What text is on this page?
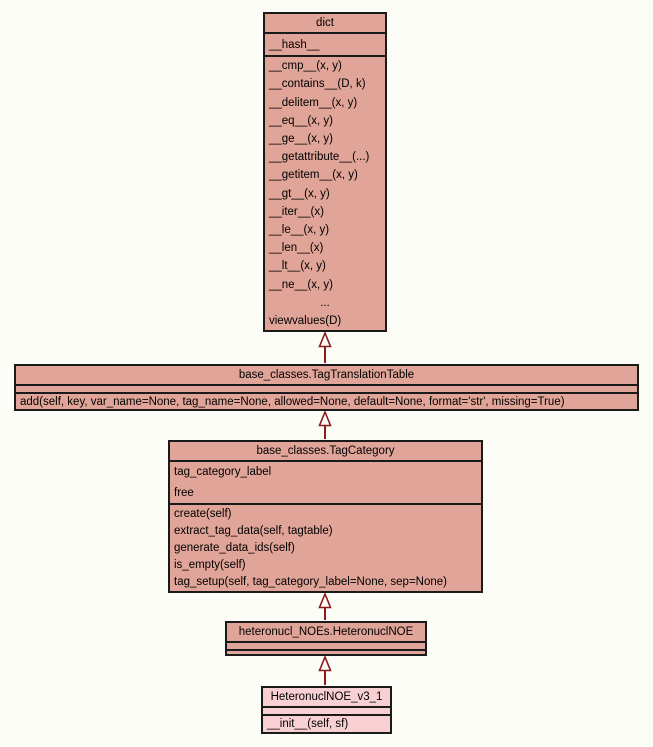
dict
__hash__
__cmp__(x, y)
__contains__(D, k)
__delitem__(x, y)
__eq__(x, y)
__ge__(x, y)
__getattribute__(...)
__getitem__(x, y)
__gt__(x, y)
__iter__(x)
__le__(x, y)
__len__(x)
__lt__(x, y)
__ne__(x, y)
...
viewvalues(D)
base_classes.TagTranslationTable
add(self, key, var_name=None, tag_name=None, allowed=None, default=None, format='str', missing=True)
base_classes.TagCategory
tag_category_label
free
create(self)
extract_tag_data(self, tagtable)
generate_data_ids(self)
is_empty(self)
tag_setup(self, tag_category_label=None, sep=None)
heteronucl_NOEs.HeteronuclNOE
HeteronuclNOE_v3_1
__init__(self, sf)
